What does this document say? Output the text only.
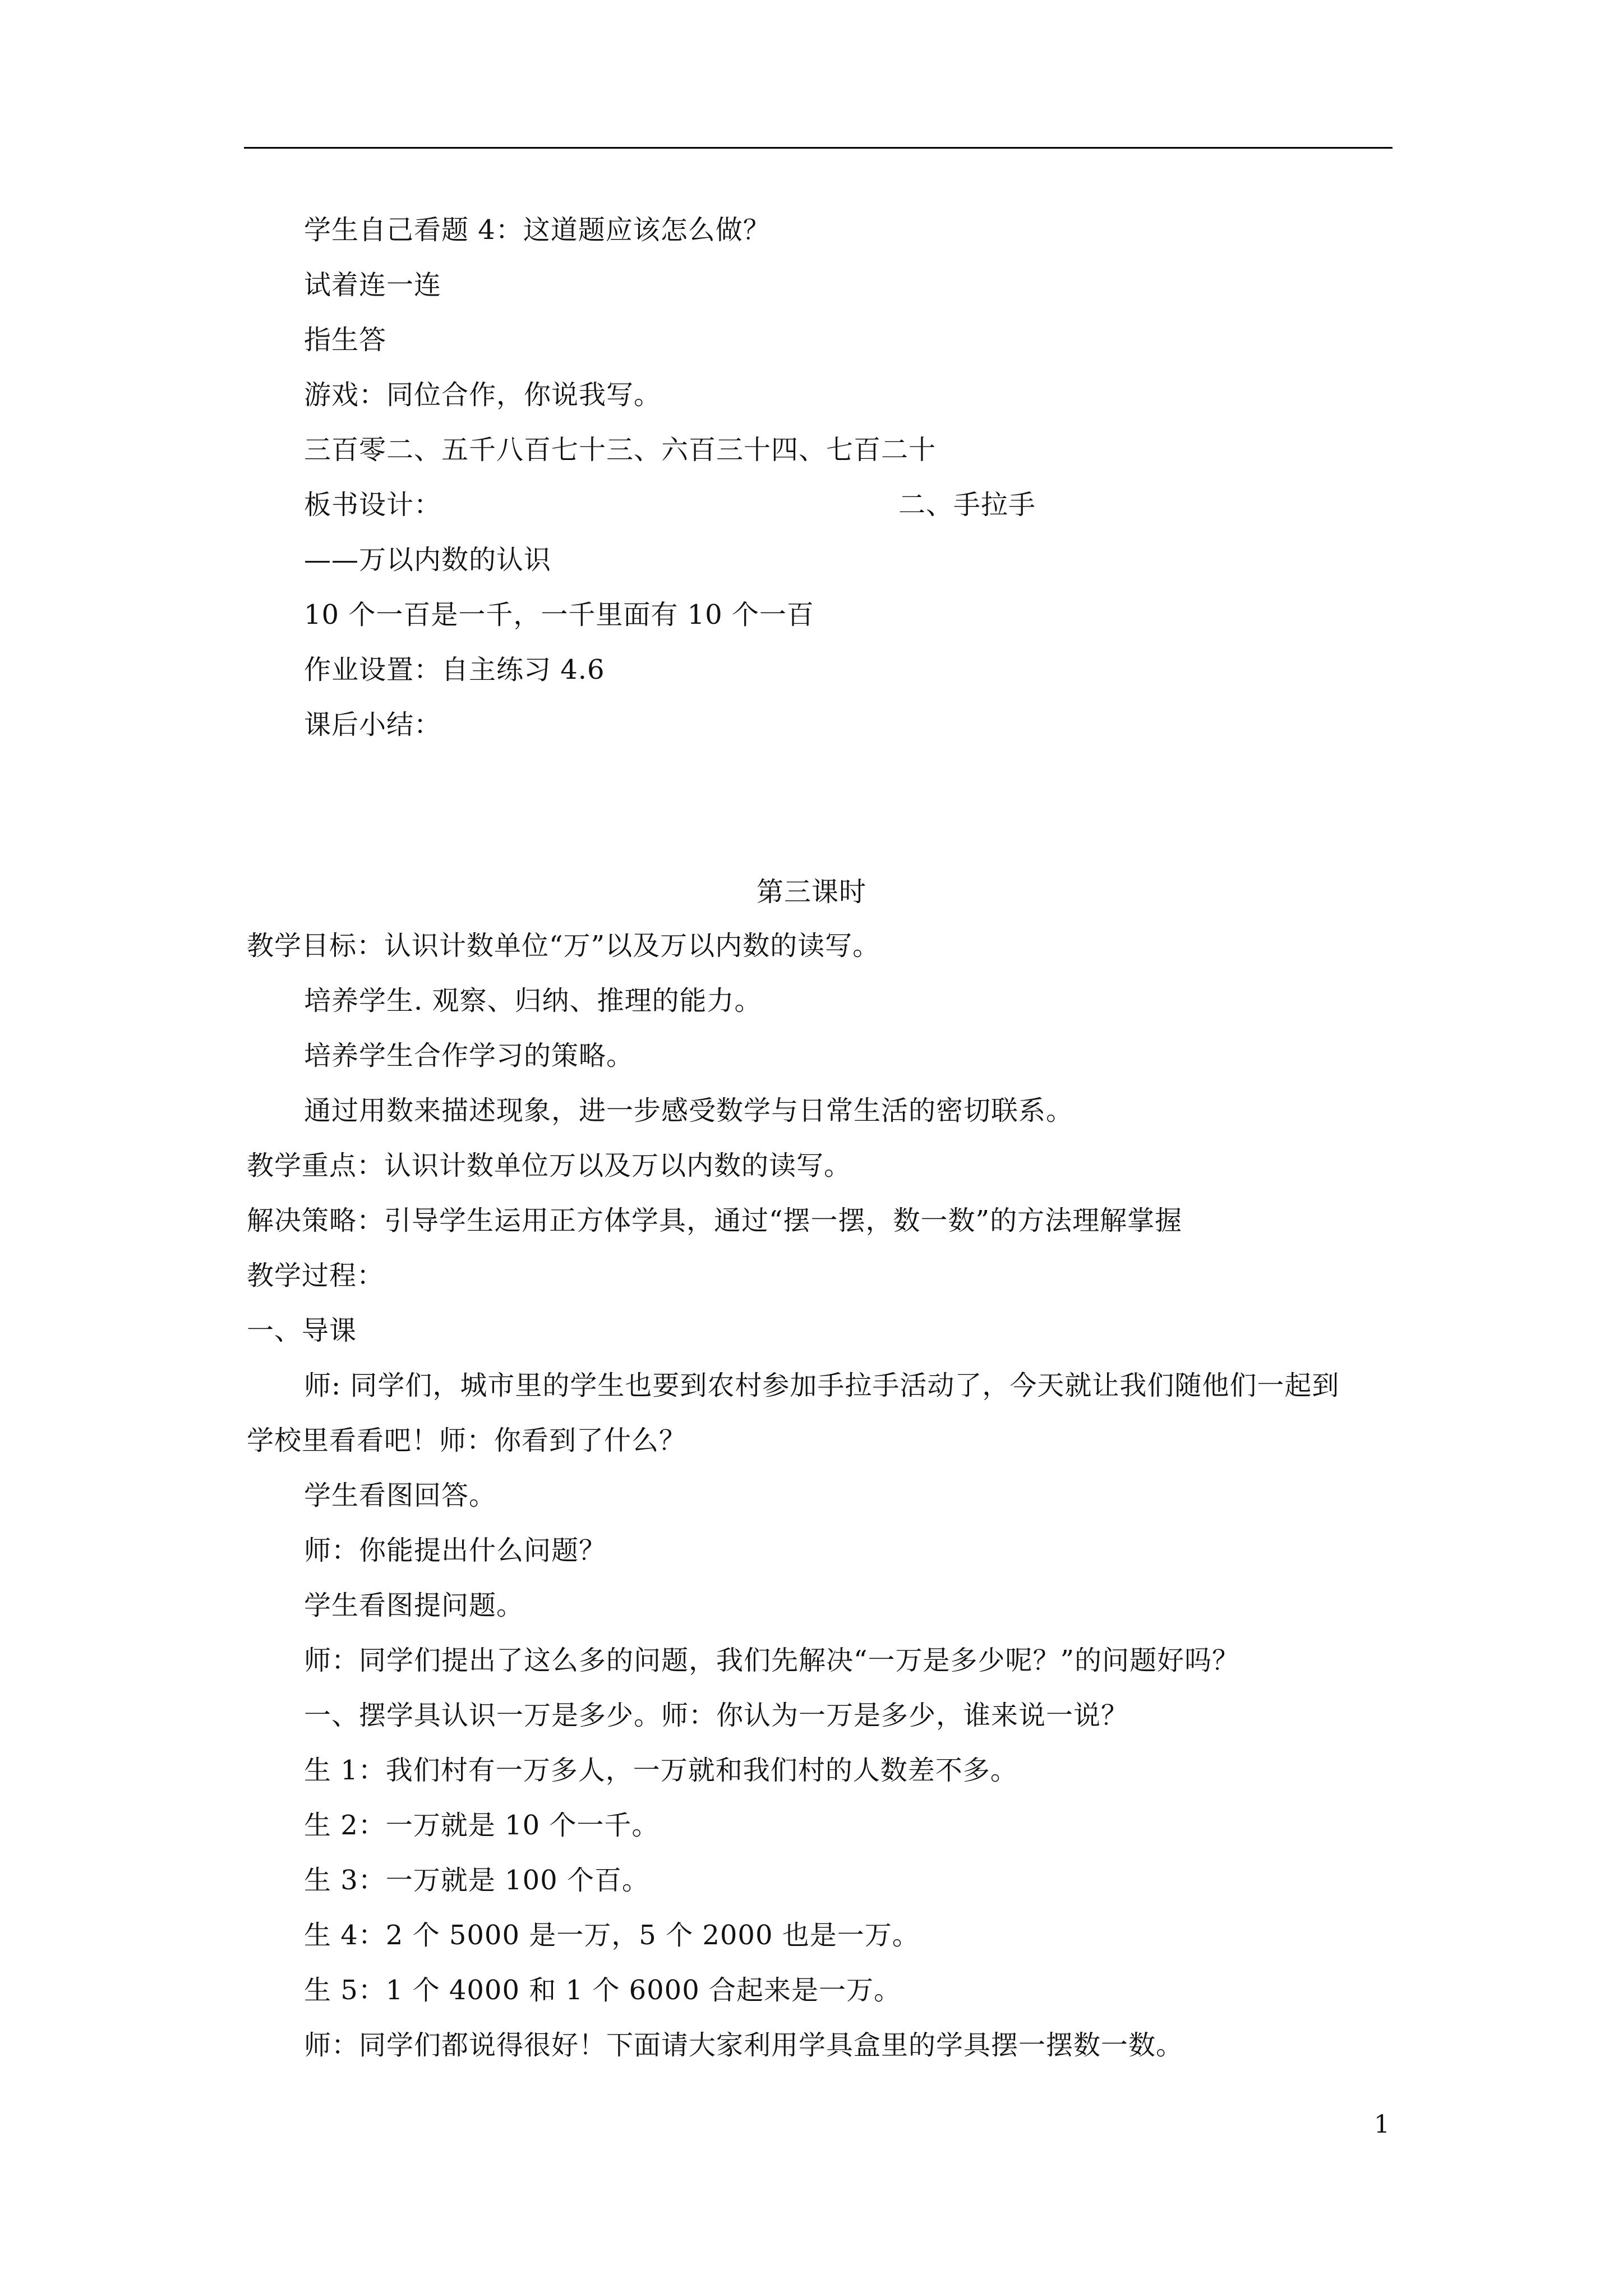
学生自己看题 4：这道题应该怎么做？
试着连一连
指生答
游戏：同位合作，你说我写。
三百零二、五千八百七十三、六百三十四、七百二十
板书设计：	二、手拉手
——万以内数的认识
10 个一百是一千，一千里面有 10 个一百
作业设置：自主练习 4.6
课后小结：
第三课时
教学目标：认识计数单位“万”以及万以内数的读写。
培养学生. 观察、归纳、推理的能力。
培养学生合作学习的策略。
通过用数来描述现象，进一步感受数学与日常生活的密切联系。
教学重点：认识计数单位万以及万以内数的读写。
解决策略：引导学生运用正方体学具，通过“摆一摆，数一数”的方法理解掌握
教学过程：
一、导课
师: 同学们，城市里的学生也要到农村参加手拉手活动了，今天就让我们随他们一起到
学校里看看吧！师：你看到了什么？
学生看图回答。
师：你能提出什么问题？
学生看图提问题。
师：同学们提出了这么多的问题，我们先解决“一万是多少呢？”的问题好吗？
一、摆学具认识一万是多少。师：你认为一万是多少，谁来说一说？
生 1：我们村有一万多人，一万就和我们村的人数差不多。
生 2：一万就是 10 个一千。
生 3：一万就是 100 个百。
生 4：2 个 5000 是一万，5 个 2000 也是一万。
生 5：1 个 4000 和 1 个 6000 合起来是一万。
师：同学们都说得很好！下面请大家利用学具盒里的学具摆一摆数一数。
1
